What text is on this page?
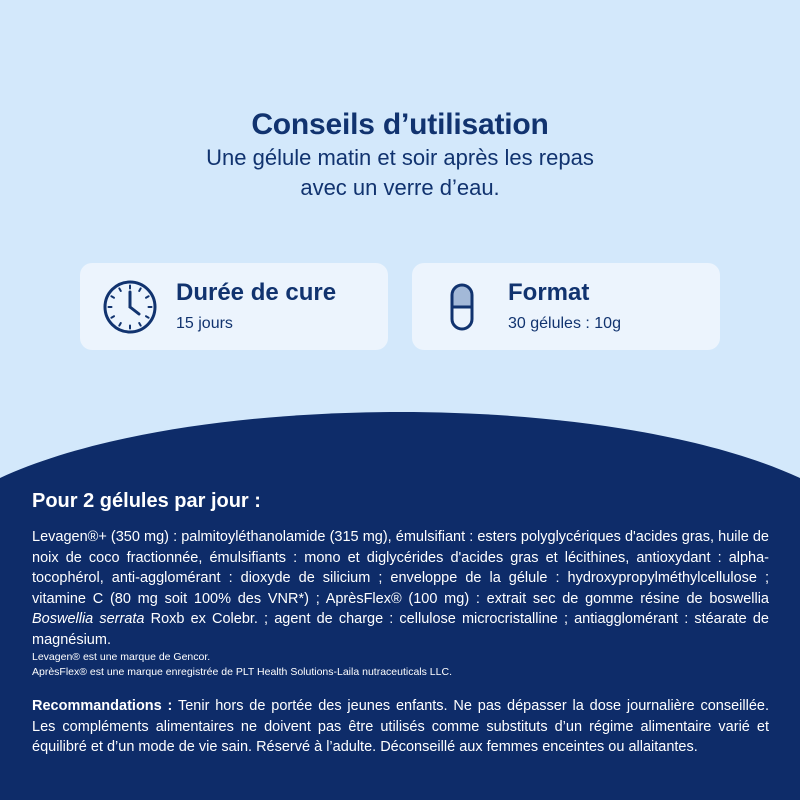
Conseils d’utilisation

Une gélule matin et soir après les repas

avec un verre d’eau.

Durée de cure
15 jours
Format
30 gélules : 10g
Pour 2 gélules par jour :

Levagen®+ (350 mg) : palmitoyléthanolamide (315 mg), émulsifiant : esters polyglycériques d'acides gras, huile de noix de coco fractionnée, émulsifiants : mono et diglycérides d'acides gras et lécithines, antioxydant : alpha-tocophérol, anti-agglomérant : dioxyde de silicium ; enveloppe de la gélule : hydroxypropylméthylcellulose ; vitamine C (80 mg soit 100% des VNR*) ; AprèsFlex® (100 mg) : extrait sec de gomme résine de boswellia Boswellia serrata Roxb ex Colebr. ; agent de charge : cellulose microcristalline ; antiagglomérant : stéarate de magnésium.

Levagen® est une marque de Gencor.

AprèsFlex® est une marque enregistrée de PLT Health Solutions-Laila nutraceuticals LLC.

Recommandations : Tenir hors de portée des jeunes enfants. Ne pas dépasser la dose journalière conseillée. Les compléments alimentaires ne doivent pas être utilisés comme substituts d’un régime alimentaire varié et équilibré et d’un mode de vie sain. Réservé à l’adulte. Déconseillé aux femmes enceintes ou allaitantes.
